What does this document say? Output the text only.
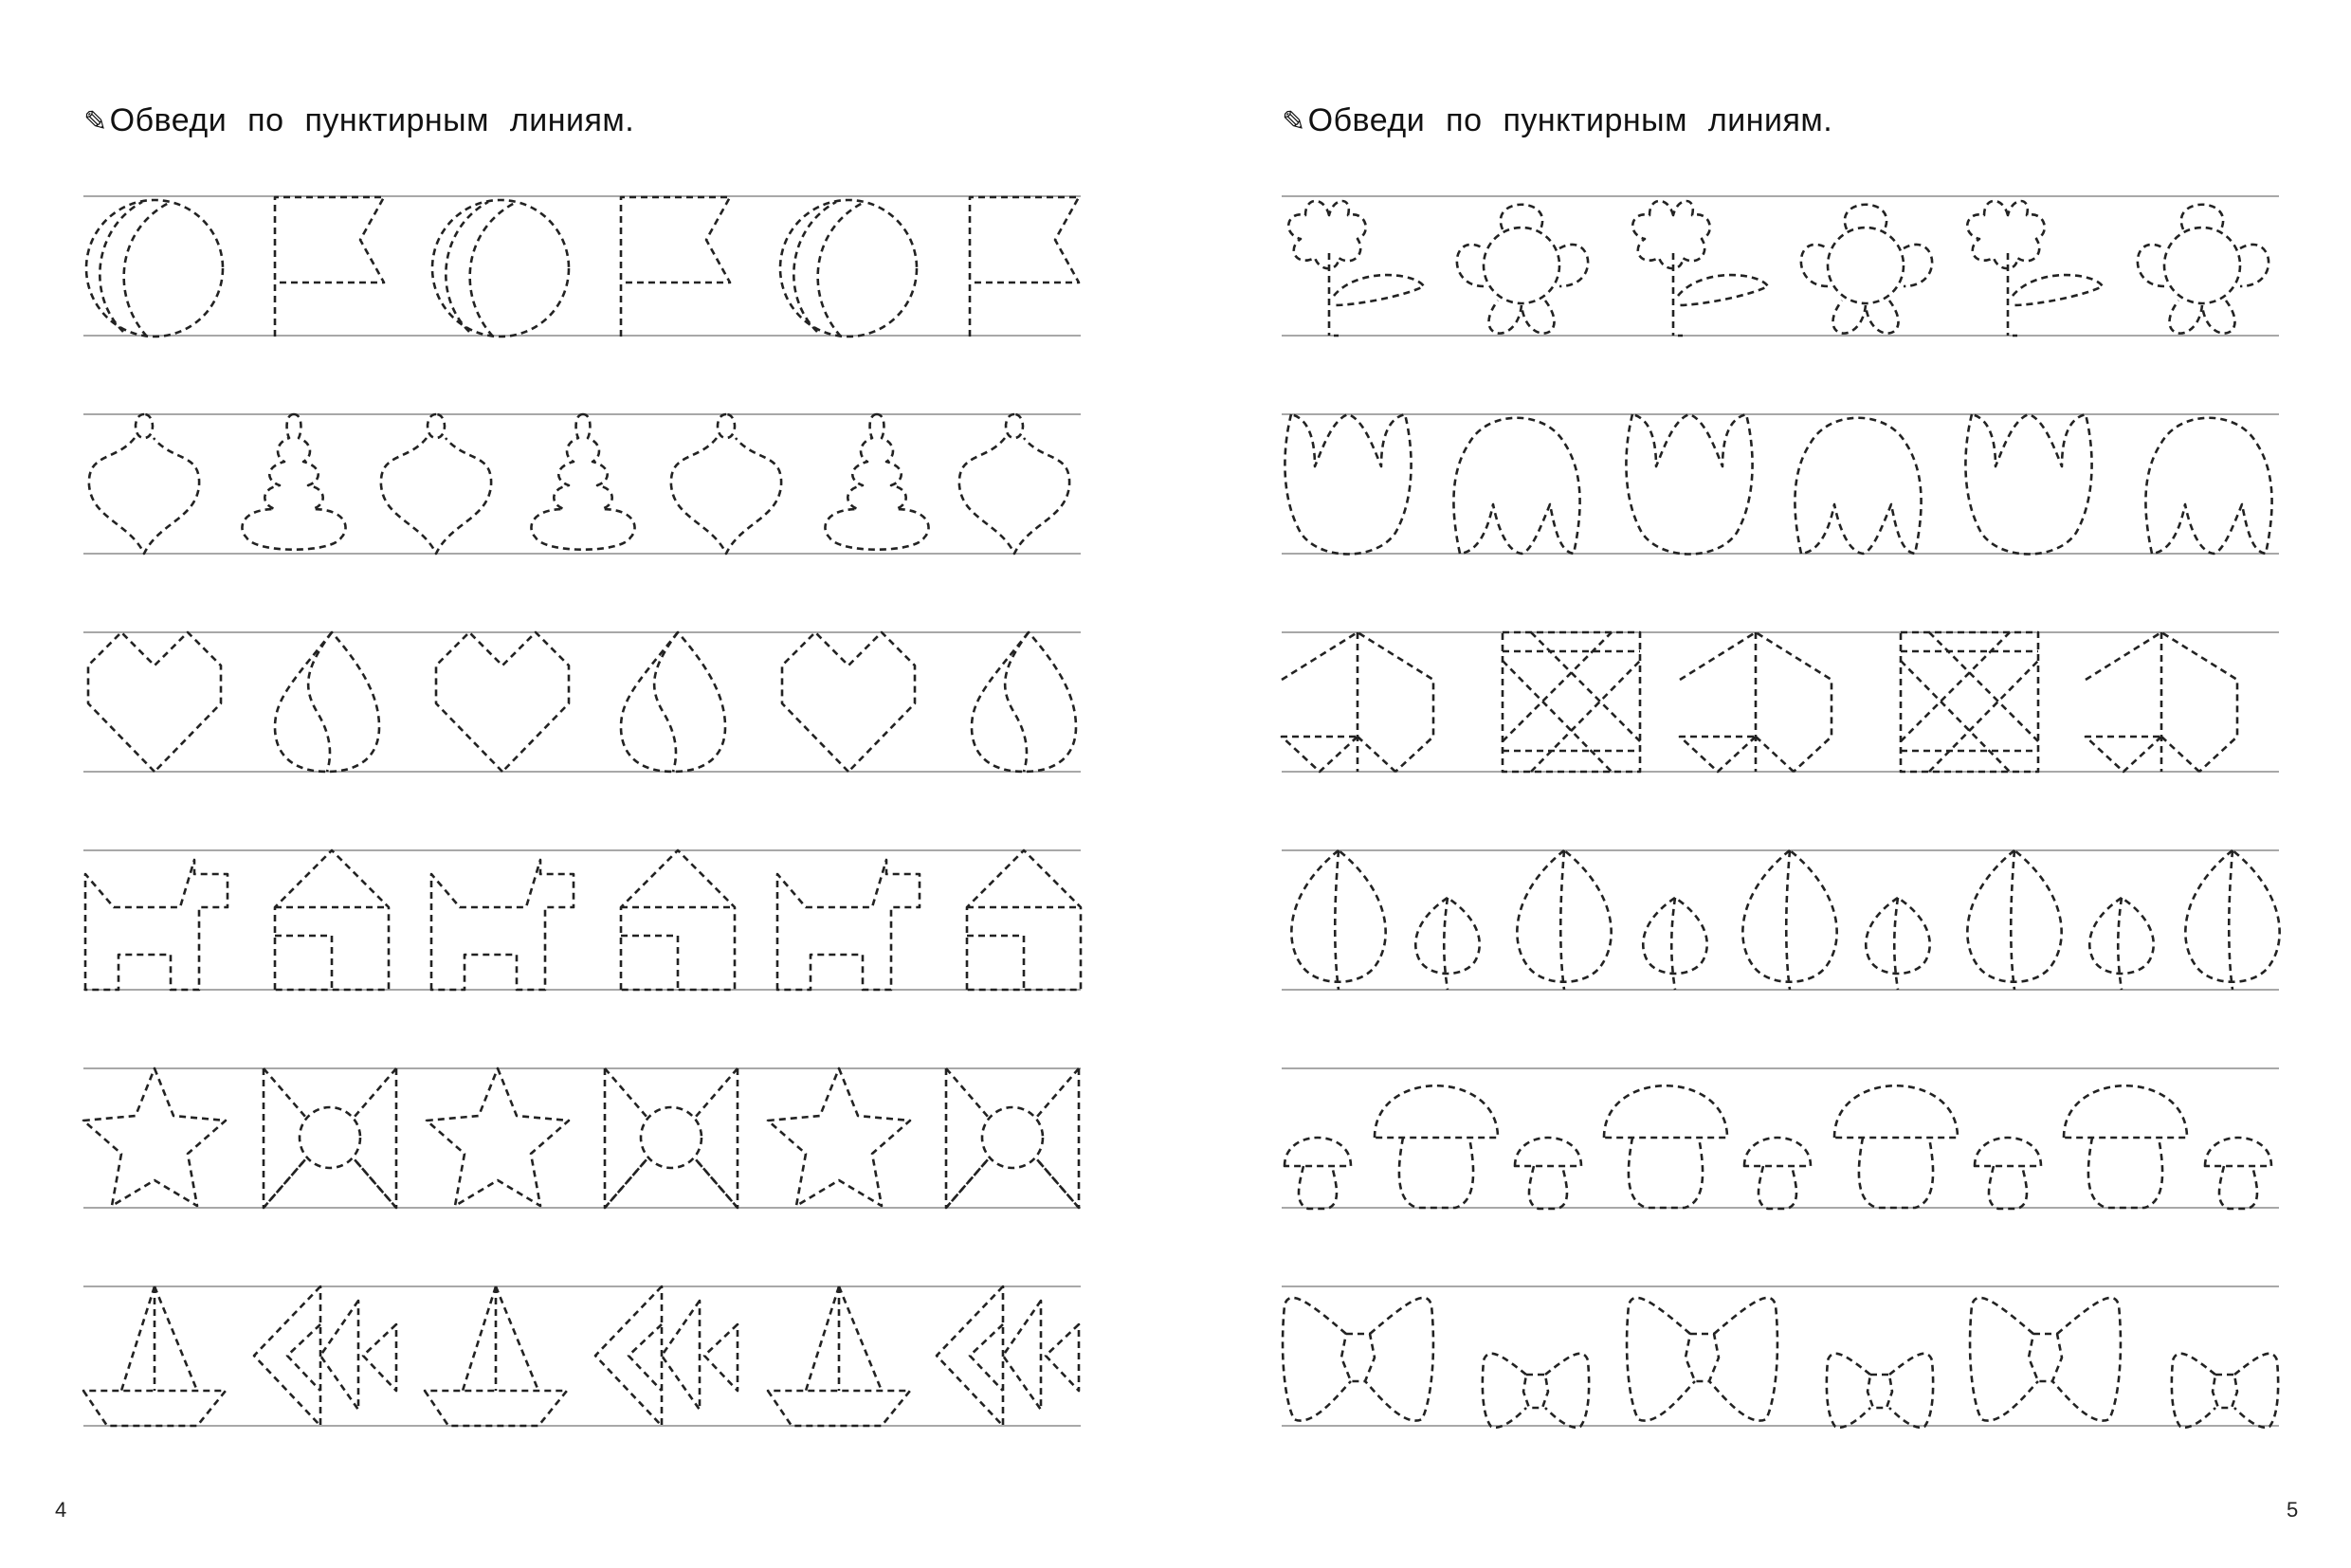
✎Обведи по пунктирным линиям.
4
✎Обведи по пунктирным линиям.
5
